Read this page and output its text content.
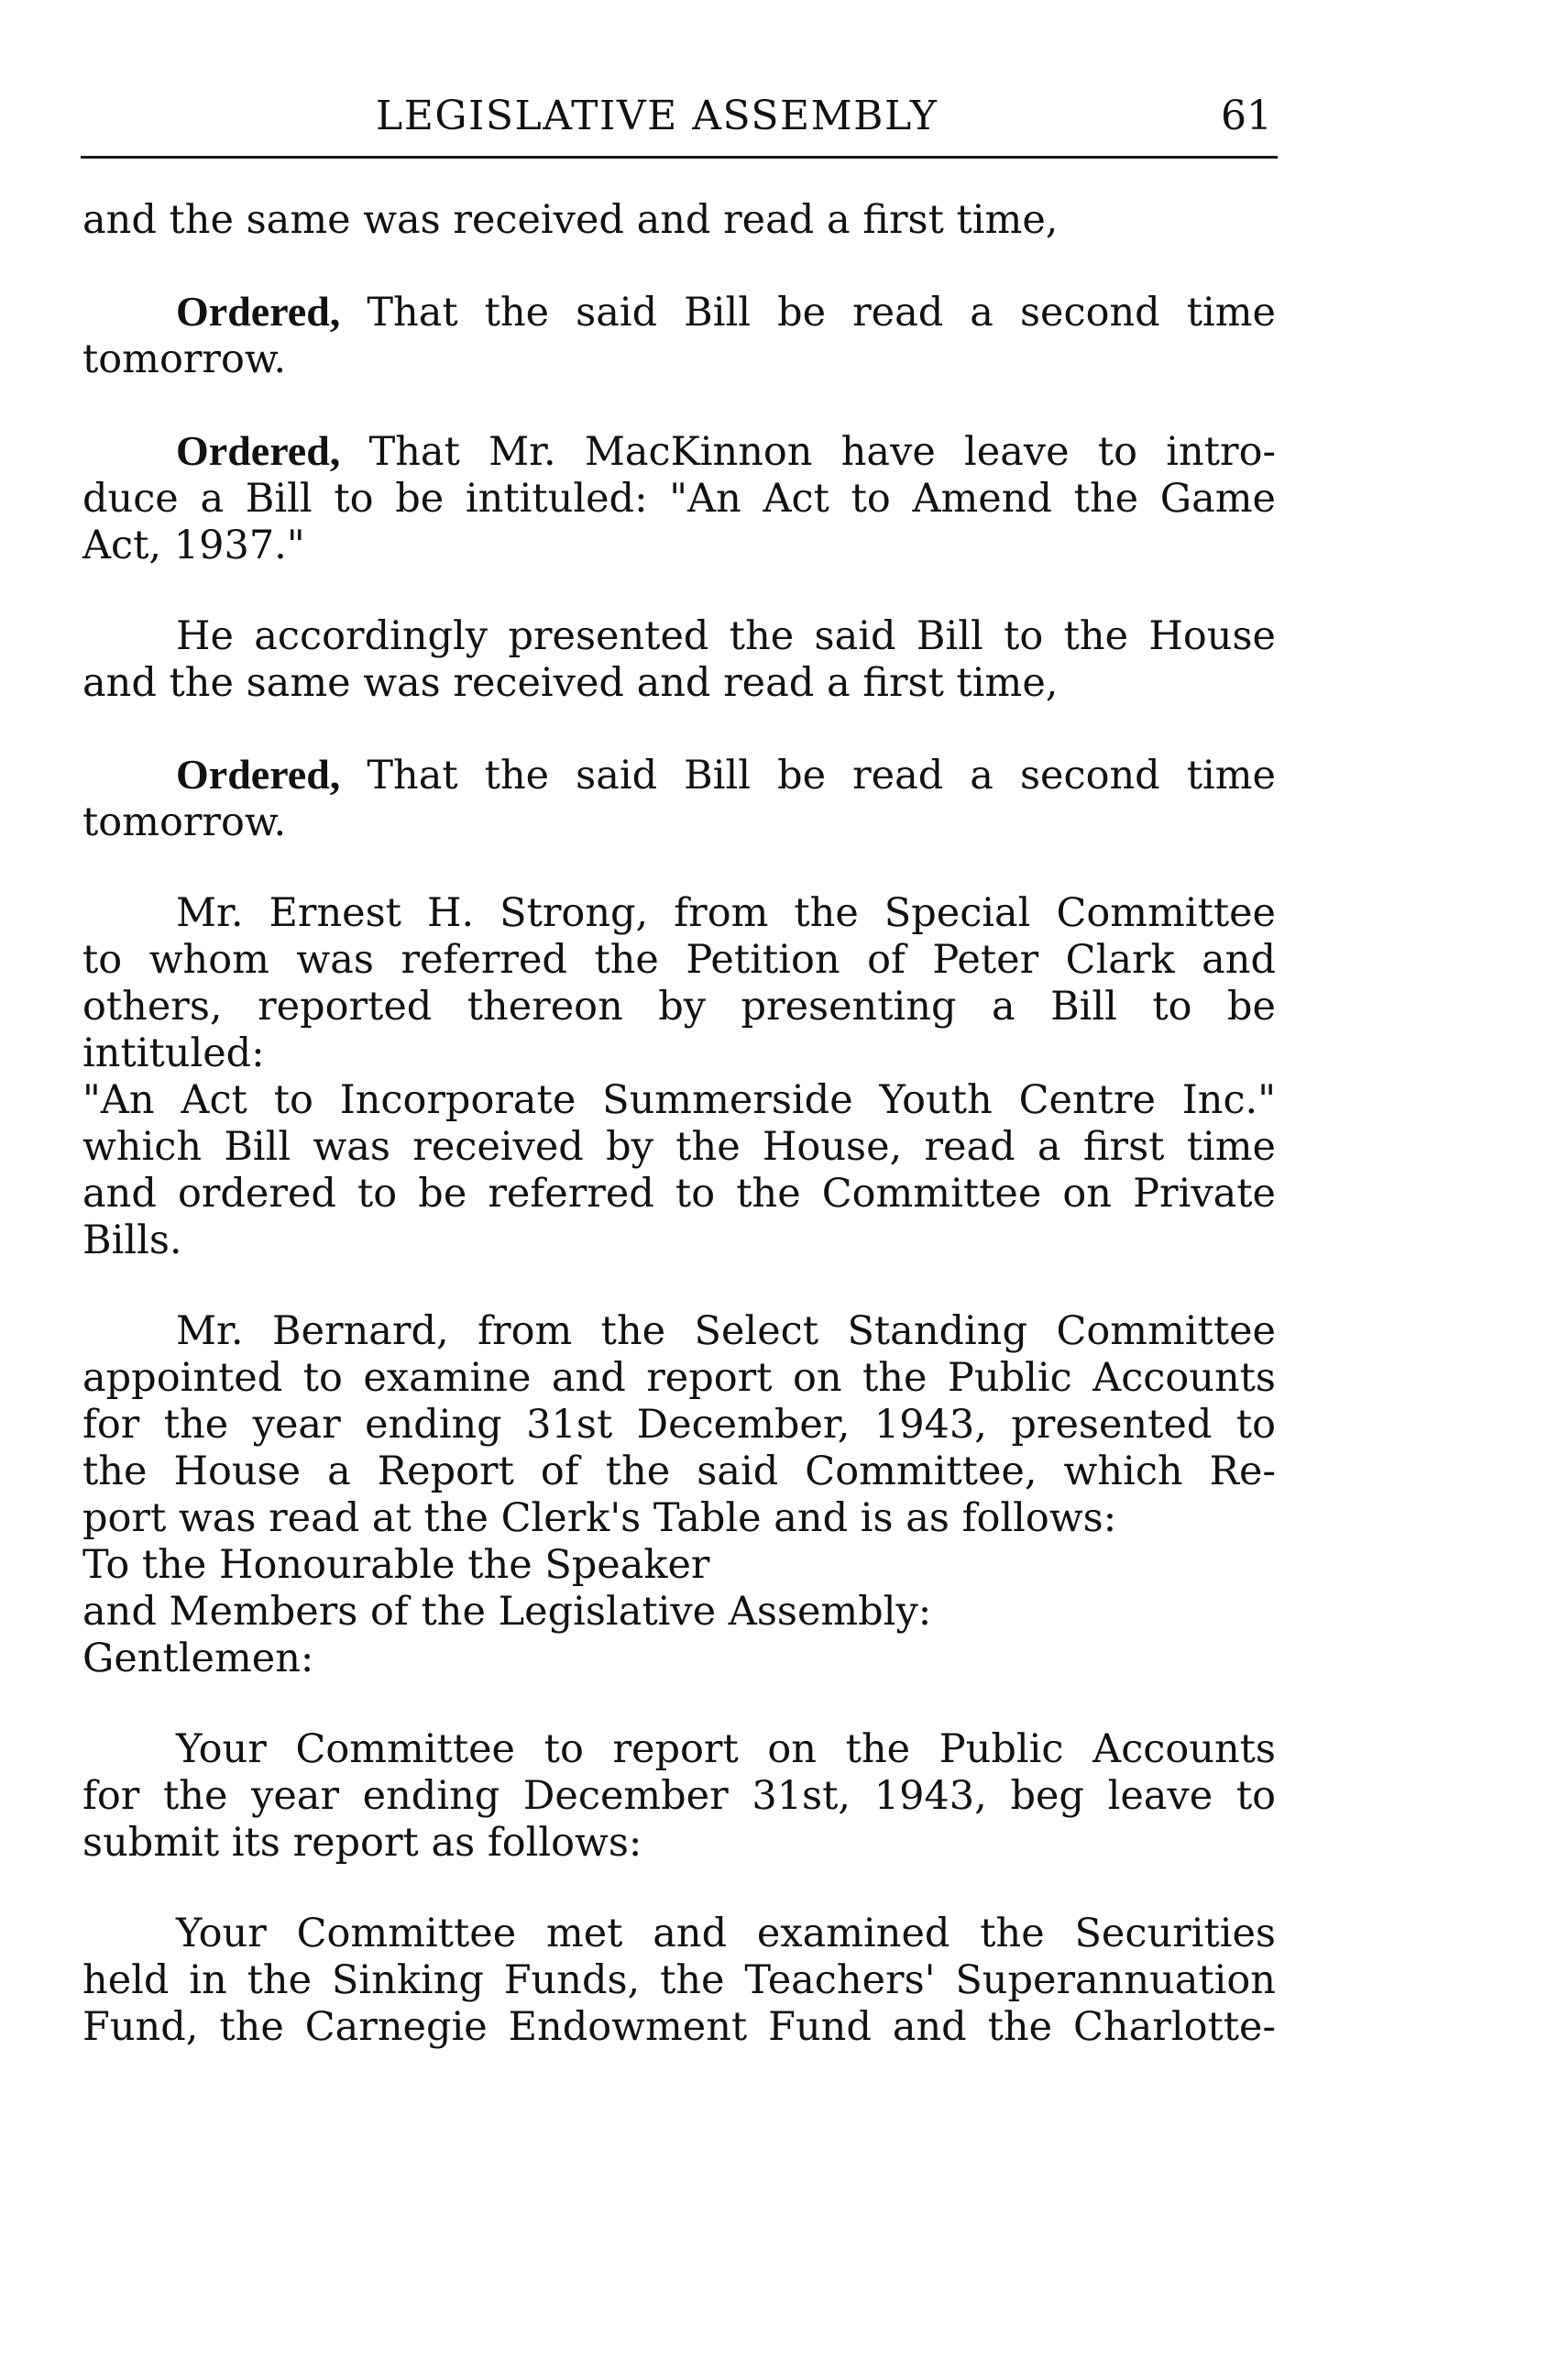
LEGISLATIVE ASSEMBLY	61

and the same was received and read a first time,

Ordered, That the said Bill be read a second time
tomorrow.

Ordered, That Mr. MacKinnon have leave to intro-
duce a Bill to be intituled: "An Act to Amend the Game
Act, 1937."

He accordingly presented the said Bill to the House
and the same was received and read a first time,

Ordered, That the said Bill be read a second time
tomorrow.

Mr. Ernest H. Strong, from the Special Committee
to whom was referred the Petition of Peter Clark and
others, reported thereon by presenting a Bill to be intituled:
"An Act to Incorporate Summerside Youth Centre Inc."
which Bill was received by the House, read a first time
and ordered to be referred to the Committee on Private
Bills.

Mr. Bernard, from the Select Standing Committee
appointed to examine and report on the Public Accounts
for the year ending 31st December, 1943, presented to
the House a Report of the said Committee, which Re-
port was read at the Clerk's Table and is as follows:

To the Honourable the Speaker
and Members of the Legislative Assembly:
Gentlemen:

Your Committee to report on the Public Accounts
for the year ending December 31st, 1943, beg leave to
submit its report as follows:

Your Committee met and examined the Securities
held in the Sinking Funds, the Teachers' Superannuation
Fund, the Carnegie Endowment Fund and the Charlotte-
